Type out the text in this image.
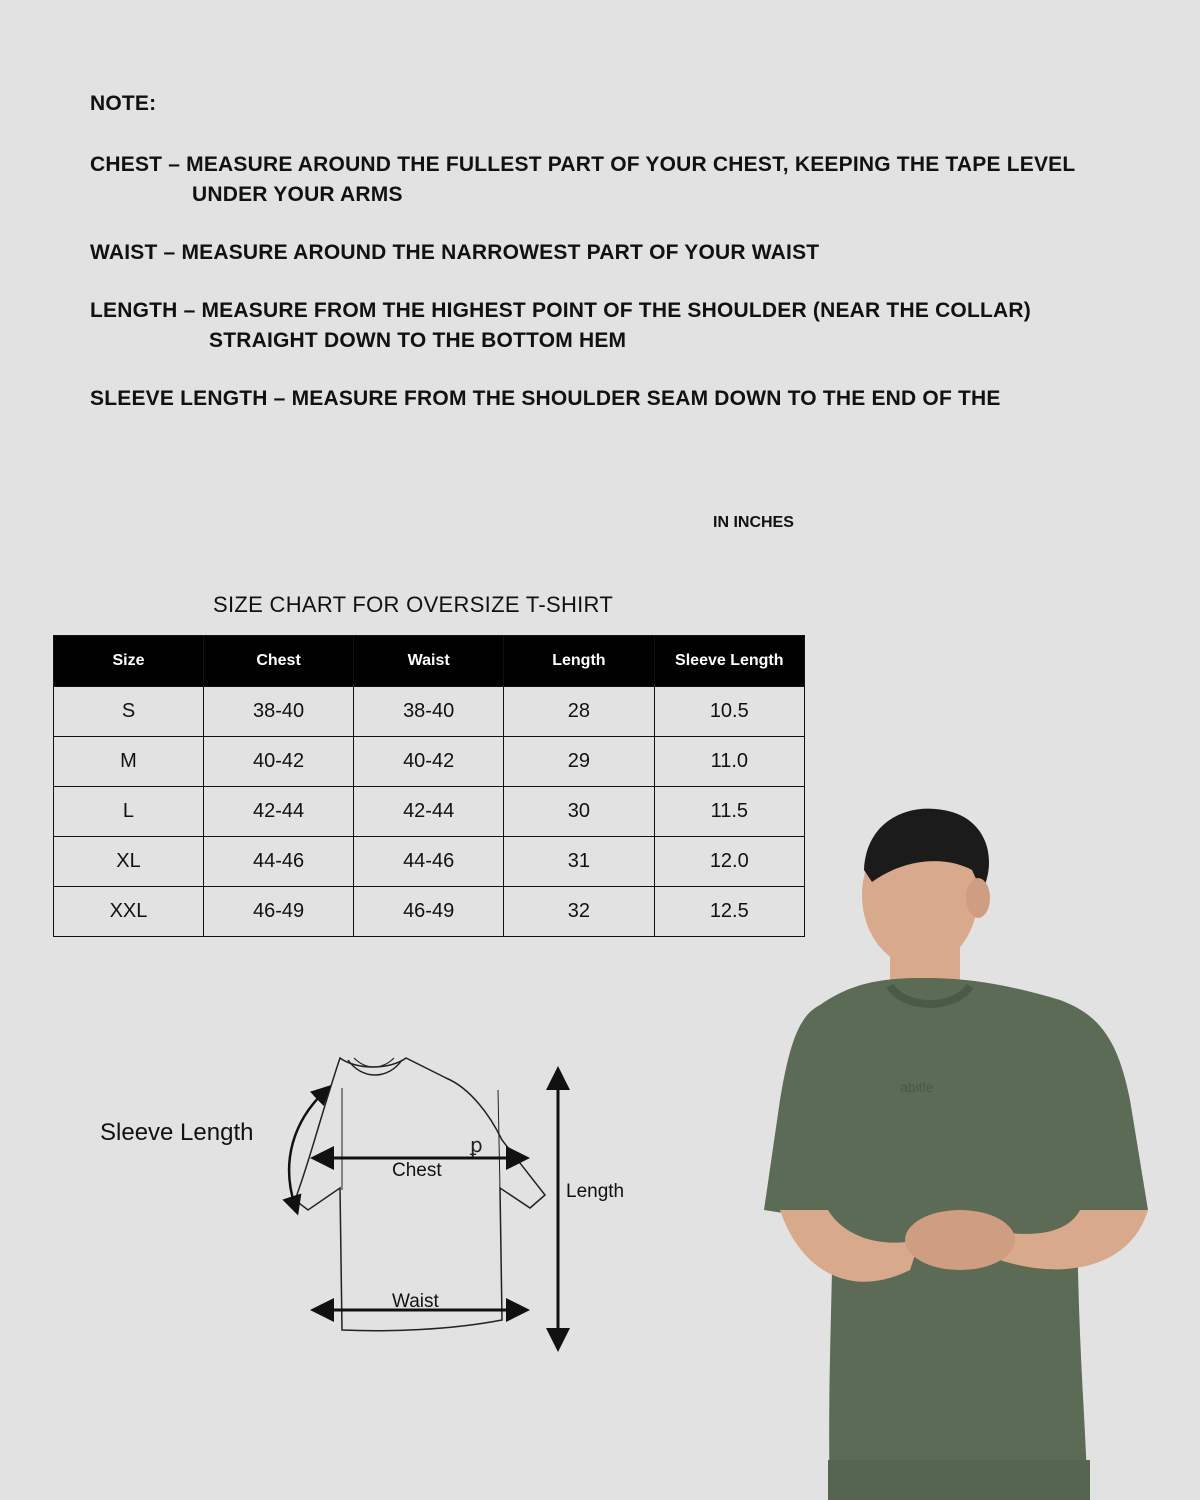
NOTE:
CHEST – MEASURE AROUND THE FULLEST PART OF YOUR CHEST, KEEPING THE TAPE LEVEL
UNDER YOUR ARMS
WAIST – MEASURE AROUND THE NARROWEST PART OF YOUR WAIST
LENGTH – MEASURE FROM THE HIGHEST POINT OF THE SHOULDER (NEAR THE COLLAR)
STRAIGHT DOWN TO THE BOTTOM HEM
SLEEVE LENGTH – MEASURE FROM THE SHOULDER SEAM DOWN TO THE END OF THE
IN INCHES
SIZE CHART FOR OVERSIZE T-SHIRT
Size	Chest	Waist	Length	Sleeve Length
S	38-40	38-40	28	10.5
M	40-42	40-42	29	11.0
L	42-44	42-44	30	11.5
XL	44-46	44-46	31	12.0
XXL	46-49	46-49	32	12.5
ꝑ
Chest
Waist
Length
Sleeve Length
abitle
